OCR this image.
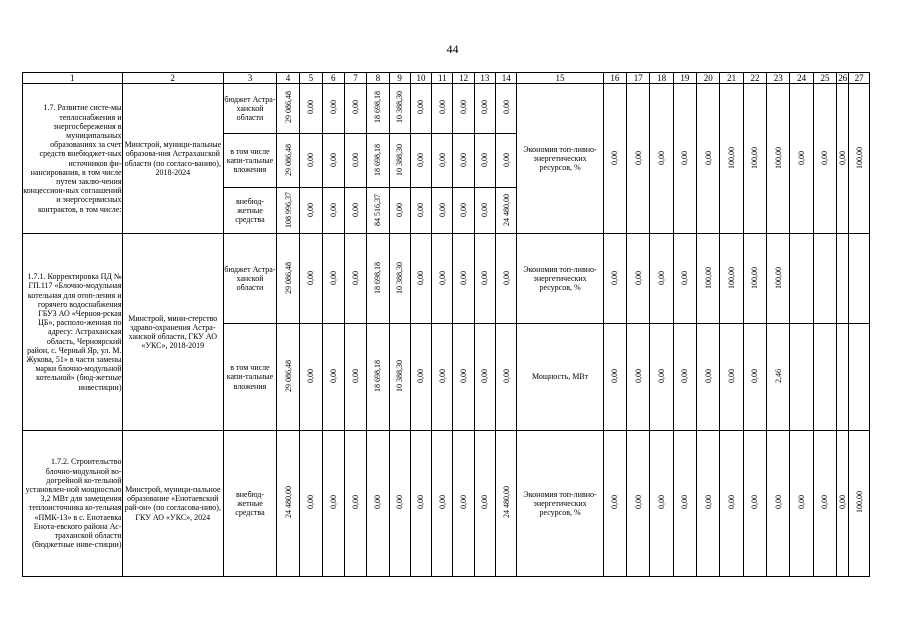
44
1	2	3	4	5	6	7	8	9	10	11	12	13	14	15	16	17	18	19	20	21	22	23	24	25	26	27
1.7. Развитие систе-мы теплоснабжения и энергосбережения в муниципальных образованиях за счет средств внебюджет-ных источников фи-нансирования, в том числе путем заклю-чения концессион-ных соглашений и энергосервисных контрактов, в том числе:	Минстрой, муници-пальные образова-ния Астраханской области (по согласо-ванию), 2018-2024	бюджет Астра-ханской области	29 086,48	0,00	0,00	0,00	18 698,18	10 388,30	0,00	0,00	0,00	0,00	0,00	Экономия топ-ливно-энергетических ресурсов, %	0,00	0,00	0,00	0,00	0,00	100,00	100,00	100,00	0,00	0,00	0,00	100,00
		в том числе капи-тальные вложения	29 086,48	0,00	0,00	0,00	18 698,18	10 388,30	0,00	0,00	0,00	0,00	0,00													
		внебюд-жетные средства	108 996,37	0,00	0,00	0,00	84 516,37	0,00	0,00	0,00	0,00	0,00	24 480,00													
1.7.1. Корректировка ПД № ГП.117 «Блочно-модульная котельная для отоп-ления и горячего водоснабжения ГБУЗ АО «Черноя-рская ЦБ», располо-женная по адресу: Астраханская область, Черноярский район, с. Черный Яр, ул. М. Жукова, 51» в части замены марки блочно-модульной котельной» (бюд-жетные инвестиции)	Минстрой, мини-стерство здраво-охранения Астра-ханской области, ГКУ АО «УКС», 2018-2019	бюджет Астра-ханской области	29 086,48	0,00	0,00	0,00	18 698,18	10 388,30	0,00	0,00	0,00	0,00	0,00	Экономия топ-ливно-энергетических ресурсов, %	0,00	0,00	0,00	0,00	100,00	100,00	100,00	100,00				
		в том числе капи-тальные вложения	29 086,48	0,00	0,00	0,00	18 698,18	10 388,30	0,00	0,00	0,00	0,00	0,00	Мощность, МВт	0,00	0,00	0,00	0,00	0,00	0,00	0,00	2,46				
1.7.2. Строительство блочно-модульной во-догрейной ко-тельной установлен-ной мощностью 3,2 МВт для замещения теплоисточника ко-тельная «ПМК-13» в с. Енотаевка Енота-евского района Ас-траханской области (бюджетные инве-стиции)	Минстрой, муници-пальное образование «Енотаевский рай-он» (по согласова-нию), ГКУ АО «УКС», 2024	внебюд-жетные средства	24 480,00	0,00	0,00	0,00	0,00	0,00	0,00	0,00	0,00	0,00	24 480,00	Экономия топ-ливно-энергетических ресурсов, %	0,00	0,00	0,00	0,00	0,00	0,00	0,00	0,00	0,00	0,00	0,00	100,00
